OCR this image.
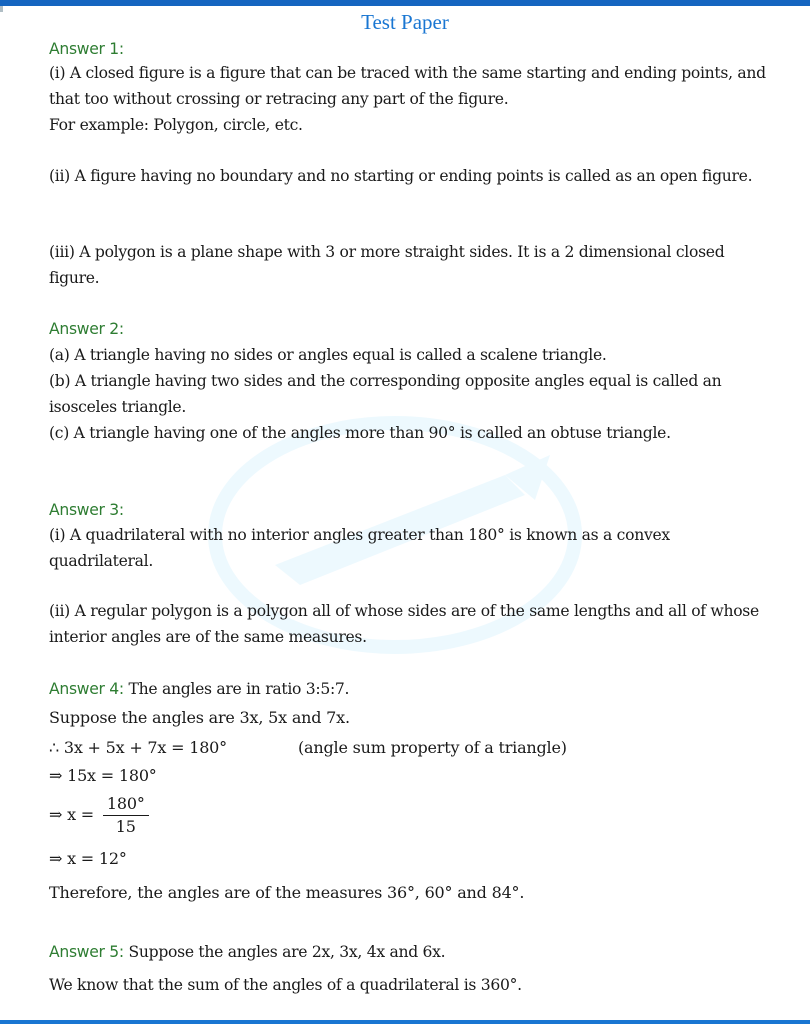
Test Paper
Answer 1:
(i) A closed figure is a figure that can be traced with the same starting and ending points, and that too without crossing or retracing any part of the figure.
For example: Polygon, circle, etc.
(ii) A figure having no boundary and no starting or ending points is called as an open figure.
(iii) A polygon is a plane shape with 3 or more straight sides. It is a 2 dimensional closed figure.
Answer 2:
(a) A triangle having no sides or angles equal is called a scalene triangle.
(b) A triangle having two sides and the corresponding opposite angles equal is called an isosceles triangle.
(c) A triangle having one of the angles more than 90° is called an obtuse triangle.
Answer 3:
(i) A quadrilateral with no interior angles greater than 180° is known as a convex quadrilateral.
(ii) A regular polygon is a polygon all of whose sides are of the same lengths and all of whose interior angles are of the same measures.
Answer 4: The angles are in ratio 3:5:7.
Suppose the angles are 3x, 5x and 7x.
∴ 3x + 5x + 7x = 180°	(angle sum property of a triangle)
⇒ 15x = 180°
⇒ $x = \frac{180^\circ}{15}$
⇒ x = 12°
Therefore, the angles are of the measures 36°, 60° and 84°.
Answer 5: Suppose the angles are 2x, 3x, 4x and 6x.
We know that the sum of the angles of a quadrilateral is 360°.
